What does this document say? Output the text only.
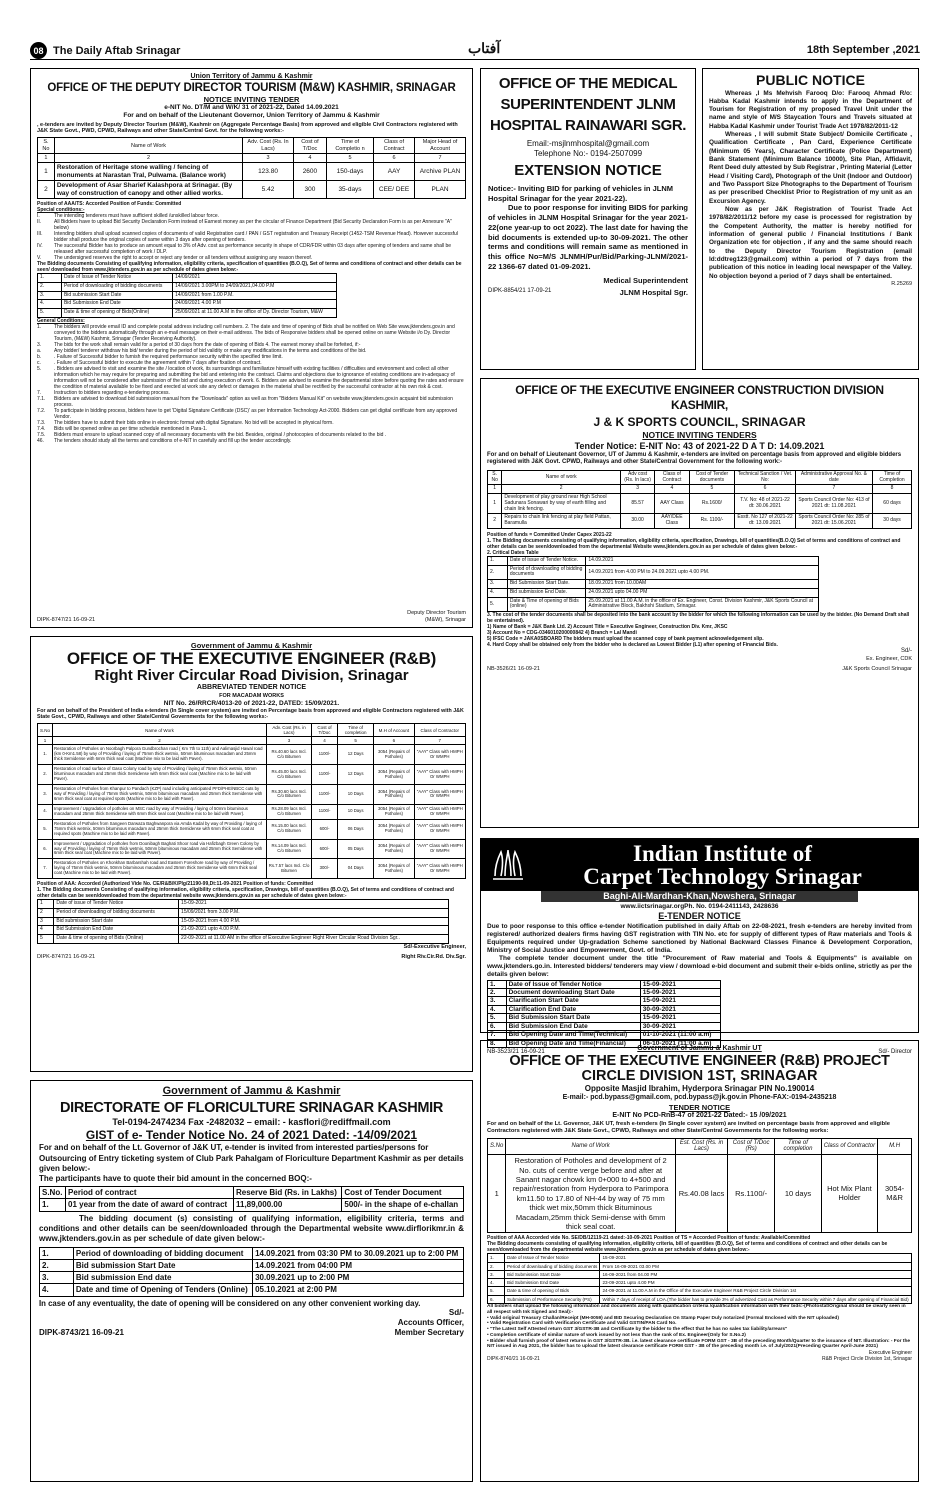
08 The Daily Aftab Srinagar	آفتاب	18th September ,2021
Union Territory of Jammu & Kashmir
OFFICE OF THE DEPUTY DIRECTOR TOURISM (M&W) KASHMIR, SRINAGAR
NOTICE INVITING TENDER
e-NIT No. DT/M and W/K/ 31 of 2021-22, Dated 14.09.2021
For and on behalf of the Lieutenant Governor, Union Territory of Jammu & Kashmir
, e-tenders are invited by Deputy Director Tourism (M&W), Kashmir on (Aggregate Percentage Basis) from approved and eligible Civil Contractors registered with J&K State Govt., PWD, CPWD, Railways and other State/Central Govt. for the following works:-
S. No	Name of Work	Adv. Cost (Rs. In Lacs)	Cost of T/Doc	Time of Completio n	Class of Contract	Major Head of Account
1	2	3	4	5	6	7
1	Restoration of Heritage stone walling / fencing of monuments at Narastan Tral, Pulwama. (Balance work)	123.80	2600	150-days	AAY	Archive PLAN
2	Development of Asar Sharief Kalashpora at Srinagar. (By way of construction of canopy and other allied works.	5.42	300	35-days	CEE/ DEE	PLAN
Position of AAA/TS: Accorded Position of Funds: Committed
Special conditions:-
I.	The intending tenderers must have sufficient skilled /unskilled labour force.
II.	All Bidders have to upload Bid Security Declaration Form instead of Earnest money as per the circular of Finance Department (Bid Security Declaration Form is as per Annexure "A" below)
III.	Intending bidders shall upload scanned copies of documents of valid Registration card / PAN / GST registration and Treasury Receipt (1452-TSM Revenue Head). However successful bidder shall produce the original copies of same within 3 days after opening of tenders.
IV.	The successful Bidder has to produce an amount equal to 3% of Adv. cost as performance security in shape of CDR/FDR within 03 days after opening of tenders and same shall be released after successful completion of work / DLP.
V.	The undersigned reserves the right to accept or reject any tender or all tenders without assigning any reason thereof.
The Bidding documents Consisting of qualifying information, eligibility criteria, specification of quantities (B.O.Q), Set of terms and conditions of contract and other details can be seen/ downloaded from www.jktenders.gov.in as per schedule of dates given below:-
1.	Date of Issue of Tender Notice	14/09/2021
2.	Period of downloading of bidding documents	14/09/2021 3.00PM to 24/09/2021,04.00 P.M
3.	Bid submission Start Date	14/09/2021 from 1.00 P.M.
4.	Bid Submission End Date	24/09/2021 4.00 P.M
5.	Date & time of opening of Bids(Online)	25/09/2021 at 11.00 A.M in the office of Dy. Director Tourism, M&W
General Conditions:
1.	The bidders will provide email ID and complete postal address including cell numbers. 2. The date and time of opening of Bids shall be notified on Web Site www.jktenders.gov.in and conveyed to the bidders automatically through an e-mail message on their e-mail address. The bids of Responsive bidders shall be opened online on same Website i/o Dy. Director Tourism, (M&W) Kashmir, Srinagar (Tender Receiving Authority).
3.	The bids for the work shall remain valid for a period of 30 days from the date of opening of Bids 4. The earnest money shall be forfeited, if:-
a.	Any bidder/ tenderer withdraw his bid/ tender during the period of bid validity or make any modifications in the terms and conditions of the bid.
b.	. Failure of Successful bidder to furnish the required performance security within the specified time limit.
c.	. Failure of Successful bidder to execute the agreement within 7 days after fixation of contract.
5.	. Bidders are advised to visit and examine the site / location of work, its surroundings and familiarize himself with existing facilities / difficulties and environment and collect all other information which he may require for preparing and submitting the bid and entering into the contract. Claims and objections due to ignorance of existing conditions are in-adequacy of information will not be considered after submission of the bid and during execution of work. 6. Bidders are advised to examine the departmental store before quoting the rates and ensure the condition of material available to be fixed and erected at work site any defect or damages in the material shall be rectified by the successful contractor at his own risk & cost.
7.	Instruction to bidders regarding e-tendering process.
7.1.	Bidders are advised to download bid submission manual from the "Downloads" option as well as from "Bidders Manual Kit" on website www.jktenders.gov.in acquaint bid submission process.
7.2.	To participate in bidding process, bidders have to get 'Digital Signature Certificate (DSC)' as per Information Technology Act-2000. Bidders can get digital certificate from any approved Vendor.
7.3.	The bidders have to submit their bids online in electronic format with digital Signature. No bid will be accepted in physical form.
7.4.	Bids will be opened online as per time schedule mentioned in Para-1.
7.5.	Bidders must ensure to upload scanned copy of all necessary documents with the bid. Besides, original / photocopies of documents related to the bid .
46.	The tenders should study all the terms and conditions of e-NIT in carefully and fill up the tender accordingly.
DIPK-8747/21 16-09-21
Deputy Director Tourism (M&W), Srinagar
OFFICE OF THE MEDICAL SUPERINTENDENT JLNM HOSPITAL RAINAWARI SGR.
Email:-msjlnmhospital@gmail.com
Telephone No:- 0194-2507099
EXTENSION NOTICE
Notice:- Inviting BID for parking of vehicles in JLNM Hospital Srinagar for the year 2021-22).
Due to poor response for inviting BIDS for parking of vehicles in JLNM Hospital Srinagar for the year 2021-22(one year-up to oct 2022). The last date for having the bid documents is extended up-to 30-09-2021. The other terms and conditions will remain same as mentioned in this office No=M/S JLNMH/Pur/Bid/Parking-JLNM/2021-22 1366-67 dated 01-09-2021.
Medical Superintendent
DIPK-8854/21 17-09-21	JLNM Hospital Sgr.
PUBLIC NOTICE
Whereas ,I Ms Mehvish Farooq D/o: Farooq Ahmad R/o: Habba Kadal Kashmir intends to apply in the Department of Tourism for Registration of my proposed Travel Unit under the name and style of M/S Staycation Tours and Travels situated at Habba Kadal Kashmir under Tourist Trade Act 1978/82/2011-12
Whereas , I will submit State Subject/ Domicile Certificate , Qualification Certificate , Pan Card, Experience Certificate (Minimum 05 Years), Character Certificate (Police Department) Bank Statement (Minimum Balance 10000), Site Plan, Affidavit, Rent Deed duly attested by Sub Registrar , Printing Material (Letter Head / Visiting Card), Photograph of the Unit (Indoor and Outdoor) and Two Passport Size Photographs to the Department of Tourism as per prescribed Checklist Prior to Registration of my unit as an Excursion Agency.
Now as per J&K Registration of Tourist Trade Act 1978/82/2011/12 before my case is processed for registration by the Competent Authority, the matter is hereby notified for information of general public / Financial Institutions / Bank Organization etc for objection , if any and the same should reach to the Deputy Director Tourism Registration (email Id:ddtreg123@gmail.com) within a period of 7 days from the publication of this notice in leading local newspaper of the Valley. No objection beyond a period of 7 days shall be entertained.
R.25269
OFFICE OF THE EXECUTIVE ENGINEER CONSTRUCTION DIVISION KASHMIR,
J & K SPORTS COUNCIL, SRINAGAR
NOTICE INVITING TENDERS
Tender Notice: E-NIT No: 43 of 2021-22 D A T D: 14.09.2021
For and on behalf of Lieutenant Governor, UT of Jammu & Kashmir, e-tenders are invited on percentage basis from approved and eligible bidders registered with J&K Govt. CPWD, Railways and other State/Central Government for the following work:-
S. No	Name of work	Adv cost (Rs. In lacs)	Class of Contract	Cost of Tender documents	Technical Sanction / Vet. No:	Administrative Approval No. & date	Time of Completion
1	2	3	4	5	6	7	8
1	Development of play ground near High School Sadunara Sonawari by way of earth filling and chain link fencing.	85.57	AAY Class	Rs.1600/	T.V. No: 48 of 2021-22 dt: 30.06.2021	Sports Council Order No: 413 of 2021 dt: 11.08.2021	60 days
2	Repairs to chain link fencing at play field Pattan, Baramulla	30.00	AAY/DEE Class	Rs. 1100/-	Esstt. No 127 of 2021-22 dt: 13.09.2021	Sports Council Order No: 285 of 2021 dt: 15.06.2021	30 days
Position of funds = Committed Under Capex 2021-22
1. The Bidding documents consisting of qualifying information, eligibility criteria, specification, Drawings, bill of quantities(B.O.Q) Set of terms and conditions of contract and other details can be seen/downloaded from the departmental Website www.jktenders.gov.in as per schedule of dates given below:-
2. Critical Dates Table
1.	Date of issue of Tender Notice.	14.09.2021
2.	Period of downloading of bidding documents	14.09.2021 from 4.00 PM to 24.09.2021 upto 4.00 PM.
3.	Bid Submission Start Date.	18.09.2021 from 10.00AM
4.	Bid submission End Date.	24.09.2021 upto 04.00 PM
5.	Date & Time of opening of Bids (online)	25.09.2021 at 11.00 A.M. in the office of Ex. Engineer, Const. Division Kashmir, J&K Sports Council at Administrative Block, Bakhshi Stadium, Srinagar.
3. The cost of the tender documents shall be deposited into the bank account by the bidder for which the following information can be used by the bidder. (No Demand Draft shall be entertained).
1) Name of Bank = J&K Bank Ltd. 2) Account Title = Executive Engineer, Construction Div. Kmr, JKSC
3) Account No = CDG-0346010200000842 4) Branch = Lal Mandi
5) IFSC Code = JAKA0SBOARD The bidders must upload the scanned copy of bank payment acknowledgement slip.
4. Hard Copy shall be obtained only from the bidder who is declared as Lowest Bidder (L1) after opening of Financial Bids.
Sd/-
Ex. Engineer, CDK
NB-3526/21 16-09-21	J&K Sports Council Srinagar
Government of Jammu & Kashmir
OFFICE OF THE EXECUTIVE ENGINEER (R&B)
Right River Circular Road Division, Srinagar
ABBREVIATED TENDER NOTICE
FOR MACADAM WORKS
NIT No. 26/RRCR/4013-20 of 2021-22, DATED: 15/09/2021.
For and on behalf of the President of India e-tenders (In Single cover system) are invited on Percentage basis from approved and eligible Contractors registered with J&K State Govt., CPWD, Railways and other State/Central Governments for the following works:-
S.No	Name of Work	Adv. Cost (Rs. in Lacs)	Cost of T/Doc	Time of completion	M.H of Account	Class of Contractor
1	2	3	4	5	6	7
1.	Restoration of Potholes on Noorbagh Palpora Gundbrochan road ( Km 7th to 11th) and Aalimasjid Hawal road (km 0-Km1.58) by way of Providing / laying of 75mm thick wetmix, 50mm bituminous macadam and 25mm thick Semidense with 6mm thick seal coat (Machine mix to be laid with Paver).	Rs.40.60 lacs Incl. C/o Bitumen	1100/-	12 Days	3054 (Repairs of Potholes)	"AAY" Class with HMPH Or WMPH
2.	Restoration of road surface of Gaso Colony road by way of Providing / laying of 75mm thick wetmix, 50mm bituminous macadam and 25mm thick Semidense with 6mm thick seal coat (Machine mix to be laid with Paver).	Rs.45.00 lacs Incl. C/o Bitumen	1100/-	12 Days	3054 (Repairs of Potholes)	"AAY" Class with HMPH Or WMPH
3.	Restoration of Potholes from Khanpur to Pandach (KZP) road including anticipated PFD/PHE/NBCC cuts by way of Providing / laying of 75mm thick wetmix, 50mm bituminous macadam and 25mm thick Semidense with 6mm thick seal coat at required spots (Machine mix to be laid with Paver).	Rs.30.60 lacs Incl. C/o Bitumen	1100/-	10 Days	3054 (Repairs of Potholes)	"AAY" Class with HMPH Or WMPH
4.	Improvement / Upgradation of potholes on MSC road by way of Providing / laying of 50mm bituminous macadam and 25mm thick Semidense with 6mm thick seal coat (Machine mix to be laid with Paver).	Rs.28.09 lacs Incl. C/o Bitumen	1100/-	10 Days	3054 (Repairs of Potholes)	"AAY" Class with HMPH Or WMPH
5.	Restoration of Potholes from Sangeen Darwaza Baghwanpora via Amda Kadal by way of Providing / laying of 75mm thick wetmix, 50mm bituminous macadam and 25mm thick Semidense with 6mm thick seal coat at required spots (Machine mix to be laid with Paver).	Rs.15.00 lacs Incl. C/o Bitumen	600/-	06 Days	3054 (Repairs of Potholes)	"AAY" Class with HMPH Or WMPH
6.	Improvement / Upgradation of potholes from Doonibagh Baghati Shoor road via Hafizbagh Green Colony by way of Providing / laying of 75mm thick wetmix, 50mm bituminous macadam and 25mm thick Semidense with 6mm thick seal coat (Machine mix to be laid with Paver).	Rs.14.09 lacs Incl. C/o Bitumen	600/-	05 Days	3054 (Repairs of Potholes)	"AAY" Class with HMPH Or WMPH
7.	Restoration of Potholes on Khonkhan Barbarshah road and Eastern Foreshore road by way of Providing / laying of 75mm thick wetmix, 50mm bituminous macadam and 25mm thick Semidense with 6mm thick seal coat (Machine mix to be laid with Paver).	Rs.7.57 lacs Incl. C/o Bitumen	300/-	04 Days	3054 (Repairs of Potholes)	"AAY" Class with HMPH Or WMPH
Position of AAA: Accorded (Authorized Vide No. CE/R&B/K/Plg/21190-99,Dt:11-09-2021 Position of funds: Committed
1. The Bidding documents Consisting of qualifying information, eligibility criteria, specification, Drawings, bill of quantities (B.O.Q), Set of terms and conditions of contract and other details can be seen/downloaded from the departmental website www.jktenders.gov.in as per schedule of dates given below:-
1	Date of issue of Tender Notice	15-09-2021
2	Period of downloading of bidding documents	15/09/2021 from 3.00 P.M.
3	Bid submission Start date	15-09-2021 from 4.00 P.M.
4	Bid Submission End Date	21-09-2021 upto 4.00 P.M.
5	Date & time of opening of Bids (Online)	22-09-2021 at 11.00 AM in the office of Executive Engineer Right River Circular Road Division Sgr..
Sd/-Executive Engineer,
DIPK-8747/21 16-09-21	Right Riv.Cir.Rd. Div.Sgr.
Indian Institute of
Carpet Technology Srinagar
Baghi-Ali-Mardhan-Khan,Nowshera, Srinagar
www.iictsrinagar.orgPh. No. 0194-2411143, 2428636
E-TENDER NOTICE
Due to poor response to this office e-tender Notification published in daily Aftab on 22-08-2021, fresh e-tenders are hereby invited from registered/ authorized dealers firms having GST registration with TIN No. etc for supply of different types of Raw materials and Tools & Equipments required under Up-gradation Scheme sanctioned by National Backward Classes Finance & Development Corporation, Ministry of Social Justice and Empowerment, Govt. of India.
The complete tender document under the title "Procurement of Raw material and Tools & Equipments" is available on www.jktenders.go.in. Interested bidders/ tenderers may view / download e-bid document and submit their e-bids online, strictly as per the details given below:
1.	Date of Issue of Tender Notice	15-09-2021
2.	Document downloading Start Date	15-09-2021
3.	Clarification Start Date	15-09-2021
4.	Clarification End Date	30-09-2021
5.	Bid Submission Start Date	15-09-2021
6.	Bid Submission End Date	30-09-2021
7.	Bid Opening Date and Time(Technical)	01-10-2021 (11:00 a.m)
8.	Bid Opening Date and Time(Financial)	06-10-2021 (11:00 a.m)
NB-3523/21 16-09-21	Sd/- Director
Government of Jammu & Kashmir
DIRECTORATE OF FLORICULTURE SRINAGAR KASHMIR
Tel-0194-2474234 Fax -2482032 – email: - kasflori@rediffmail.com
GIST of e- Tender Notice No. 24 of 2021 Dated: -14/09/2021
For and on behalf of the Lt. Governor of J&K UT, e-tender is invited from interested parties/persons for Outsourcing of Entry ticketing system of Club Park Pahalgam of Floriculture Department Kashmir as per details given below:-
The participants have to quote their bid amount in the concerned BOQ:-
S.No.	Period of contract	Reserve Bid (Rs. in Lakhs)	Cost of Tender Document
1.	01 year from the date of award of contract	11,89,000.00	500/- in the shape of e-challan
The bidding document (s) consisting of qualifying information, eligibility criteria, terms and conditions and other details can be seen/downloaded through the Departmental website www.dirflorikmr.in & www.jktenders.gov.in as per schedule of date given below:-
1.	Period of downloading of bidding document	14.09.2021 from 03:30 PM to 30.09.2021 up to 2:00 PM
2.	Bid submission Start Date	14.09.2021 from 04:00 PM
3.	Bid submission End date	30.09.2021 up to 2:00 PM
4.	Date and time of Opening of Tenders (Online)	05.10.2021 at 2:00 PM
In case of any eventuality, the date of opening will be considered on any other convenient working day.
Sd/-
Accounts Officer,
DIPK-8743/21 16-09-21	Member Secretary
Government of Jammu & Kashmir UT
OFFICE OF THE EXECUTIVE ENGINEER (R&B) PROJECT
CIRCLE DIVISION 1ST, SRINAGAR
Opposite Masjid Ibrahim, Hyderpora Srinagar PIN No.190014
E-mail:- pcd.bypass@gmail.com, pcd.bypass@jk.gov.in Phone-FAX:-0194-2435218
TENDER NOTICE
E-NIT No PCD-RnB-47 of 2021-22 Dated:- 15 /09/2021
For and on behalf of the Lt. Governor, J&K UT, fresh e-tenders (In Single cover system) are invited on percentage basis from approved and eligible Contractors registered with J&K State Govt., CPWD, Railways and other State/Central Governments for the following works:
S.No	Name of Work	Est. Cost (Rs. in Lacs)	Cost of T/Doc (Rs)	Time of completion	Class of Contractor	M.H
1	Restoration of Potholes and development of 2 No. cuts of centre verge before and after at Sanant nagar chowk km 0+000 to 4+500 and repair/restoration from Hyderpora to Parimpora km11.50 to 17.80 of NH-44 by way of 75 mm thick wet mix,50mm thick Bituminous Macadam,25mm thick Semi-dense with 6mm thick seal coat.	Rs.40.08 lacs	Rs.1100/-	10 days	Hot Mix Plant Holder	3054-M&R
Position of AAA Accorded vide No. SE/DB/12119-21 dated:-10-09-2021 Position of TS = Accorded Position of funds: Available/Committed
The Bidding documents consisting of qualifying information, eligibility criteria, bill of quantities (B.O.Q), Set of terms and conditions of contract and other details can be seen/downloaded from the departmental website www.jktenders. gov.in as per schedule of dates given below:-
1.	Date of Issue of Tender Notice	15-09-2021
2.	Period of downloading of bidding documents	From 16-09-2021 03.00 PM
3.	Bid Submission Start Date	16-09-2021 from 04.00 PM
4.	Bid Submission End Date	23-09-2021 upto 4.00 PM
5.	Date & time of opening of Bids	24-09-2021 at 11.00 A.M in the Office of the Executive Engineer R&B Project Circle Division 1st
6.	Submission of Performance Security (PS)	Within 7 days of receipt of LOA.(The bidder has to provide 3% of advertized Cost as Performance Security within 7 days after opening of Financial Bid)
All bidders shall upload the following information and documents along with qualification criteria /qualification information with their bids:-(Photostat/Original should be clearly seen in all respect with Ink Signed and Seal):-
• Valid original Treasury Challan/Receipt (MH-0059) and BID Securing Declaration On Stamp Paper Duly notarized (Formal Enclosed with the NIT uploaded)
• Valid Registration Card with Verification Certificate and Valid GSTIN/PAN Card No.
• "The Latest Self Attested return GST 3/GSTR-3B and Certificate by the bidder to the effect that he has no sales tax liability/arrears"
• Completion certificate of similar nature of work issued by not less than the rank of Ex. Engineer(Only for S.No.2)
• Bidder shall furnish proof of latest returns in GST 3/GSTR-3B. i.e. latest clearance certificate FORM GST - 3B of the preceding Month/Quarter to the issuance of NIT. Illustration: - For the NIT issued in Aug 2021, the bidder has to upload the latest clearance certificate FORM GST - 3B of the preceding month i.e. of July/2021(Preceding Quarter April-June 2021)
Executive Engineer
DIPK-8740/21 16-09-21	R&B Project Circle Division 1st, Srinagar
